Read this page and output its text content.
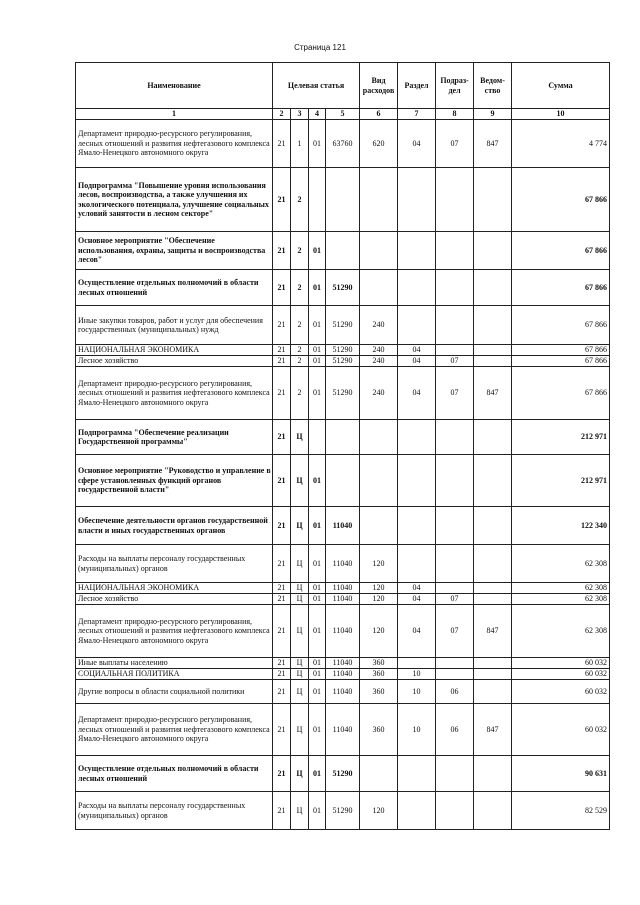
Страница 121
Наименование	Целевая статья				Вид расходов	Раздел	Подраз-дел	Ведом-ство	Сумма
1	2	3	4	5	6	7	8	9	10
Департамент природно-ресурсного регулирования, лесных отношений и развития нефтегазового комплекса Ямало-Ненецкого автономного округа	21	1	01	63760	620	04	07	847	4 774
Подпрограмма "Повышение уровня использования лесов, воспроизводства, а также улучшения их экологического потенциала, улучшение социальных условий занятости в лесном секторе"	21	2							67 866
Основное мероприятие "Обеспечение использования, охраны, защиты и воспроизводства лесов"	21	2	01						67 866
Осуществление отдельных полномочий в области лесных отношений	21	2	01	51290					67 866
Иные закупки товаров, работ и услуг для обеспечения государственных (муниципальных) нужд	21	2	01	51290	240				67 866
НАЦИОНАЛЬНАЯ ЭКОНОМИКА	21	2	01	51290	240	04			67 866
Лесное хозяйство	21	2	01	51290	240	04	07		67 866
Департамент природно-ресурсного регулирования, лесных отношений и развития нефтегазового комплекса Ямало-Ненецкого автономного округа	21	2	01	51290	240	04	07	847	67 866
Подпрограмма "Обеспечение реализации Государственной программы"	21	Ц							212 971
Основное мероприятие "Руководство и управление в сфере установленных функций органов государственной власти"	21	Ц	01						212 971
Обеспечение деятельности органов государственной власти и иных государственных органов	21	Ц	01	11040					122 340
Расходы на выплаты персоналу государственных (муниципальных) органов	21	Ц	01	11040	120				62 308
НАЦИОНАЛЬНАЯ ЭКОНОМИКА	21	Ц	01	11040	120	04			62 308
Лесное хозяйство	21	Ц	01	11040	120	04	07		62 308
Департамент природно-ресурсного регулирования, лесных отношений и развития нефтегазового комплекса Ямало-Ненецкого автономного округа	21	Ц	01	11040	120	04	07	847	62 308
Иные выплаты населению	21	Ц	01	11040	360				60 032
СОЦИАЛЬНАЯ ПОЛИТИКА	21	Ц	01	11040	360	10			60 032
Другие вопросы в области социальной политики	21	Ц	01	11040	360	10	06		60 032
Департамент природно-ресурсного регулирования, лесных отношений и развития нефтегазового комплекса Ямало-Ненецкого автономного округа	21	Ц	01	11040	360	10	06	847	60 032
Осуществление отдельных полномочий в области лесных отношений	21	Ц	01	51290					90 631
Расходы на выплаты персоналу государственных (муниципальных) органов	21	Ц	01	51290	120				82 529
